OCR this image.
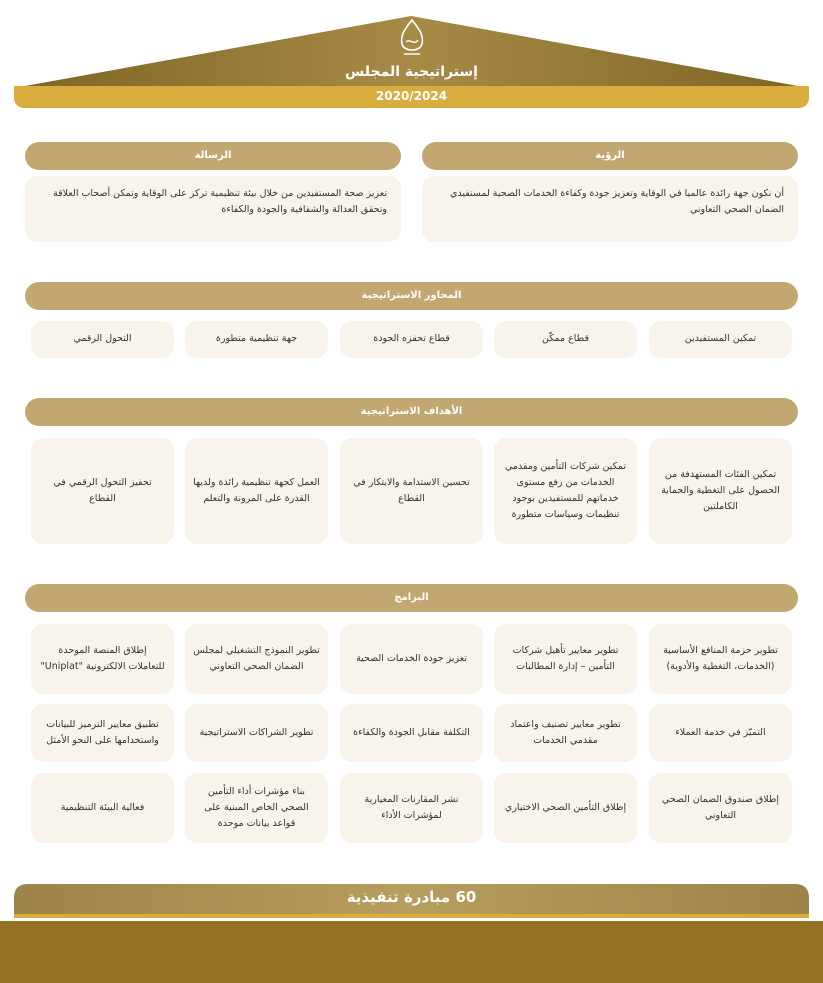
إستراتيجية المجلس
2020/2024
الرؤية
الرسالة
أن نكون جهة رائدة عالميا في الوقاية وتعزيز جودة وكفاءة الخدمات الصحية لمستفيدي الضمان الصحي التعاوني
تعزيز صحة المستفيدين من خلال بيئة تنظيمية تركز على الوقاية وتمكن أصحاب العلاقة وتحقق العدالة والشفافية والجودة والكفاءة
المحاور الاستراتيجية
تمكين المستفيدين
قطاع ممكّن
قطاع تحفزه الجودة
جهة تنظيمية متطورة
التحول الرقمي
الأهداف الاستراتيجية
تمكين الفئات المستهدفة من الحصول على التغطية والحماية الكاملتين
تمكين شركات التأمين ومقدمي الخدمات من رفع مستوى خدماتهم للمستفيدين بوجود تنظيمات وسياسات متطورة
تحسين الاستدامة والابتكار في القطاع
العمل كجهة تنظيمية رائدة ولديها القدرة على المرونة والتعلم
تحفيز التحول الرقمي في القطاع
البرامج
تطوير حزمة المنافع الأساسية (الخدمات، التغطية والأدوية)
تطوير معايير تأهيل شركات التأمين – إدارة المطالبات
تعزيز جودة الخدمات الصحية
تطوير النموذج التشغيلي لمجلس الضمان الصحي التعاوني
إطلاق المنصة الموحدة للتعاملات الالكترونية "Uniplat"
التميّز في خدمة العملاء
تطوير معايير تصنيف واعتماد مقدمي الخدمات
التكلفة مقابل الجودة والكفاءة
تطوير الشراكات الاستراتيجية
تطبيق معايير الترميز للبيانات واستخدامها على النحو الأمثل
إطلاق صندوق الضمان الصحي التعاوني
إطلاق التأمين الصحي الاختياري
نشر المقارنات المعيارية لمؤشرات الأداء
بناء مؤشرات أداء التأمين الصحي الخاص المبنية على قواعد بيانات موحدة
فعالية البيئة التنظيمية
60 مبادرة تنفيذية
